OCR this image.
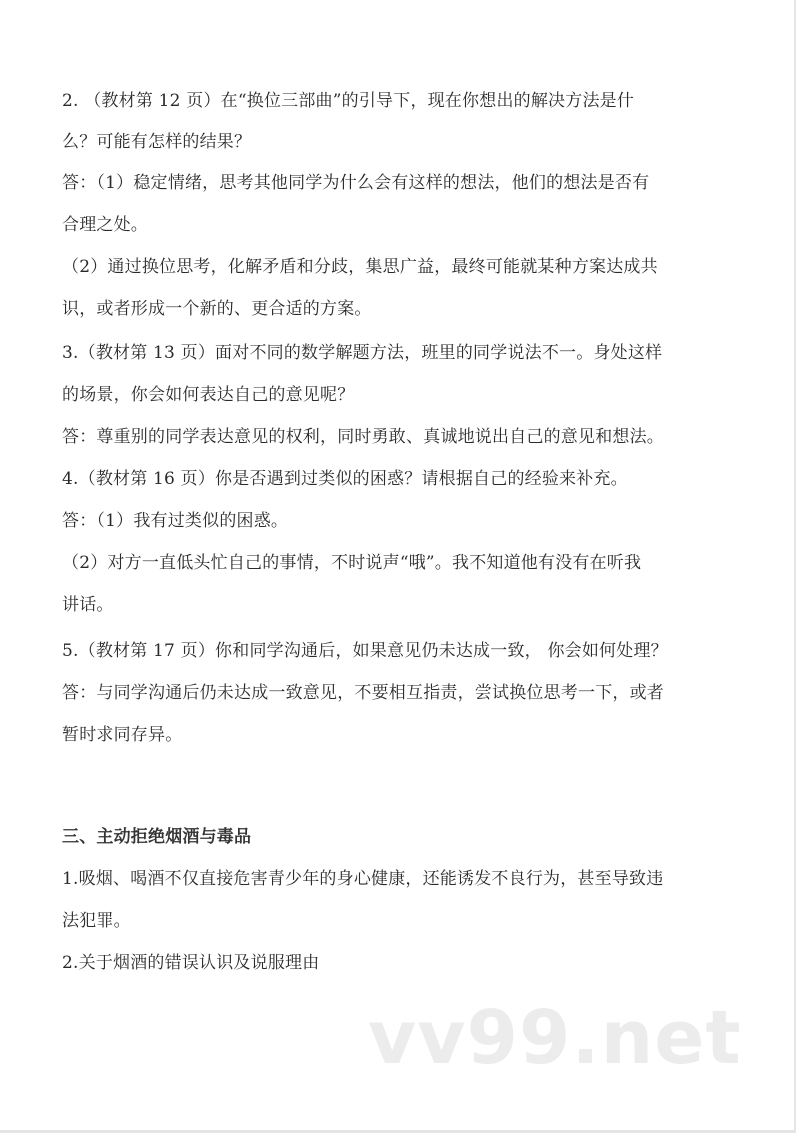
2. （教材第 12 页）在“换位三部曲”的引导下，现在你想出的解决方法是什
么？可能有怎样的结果？
答：（1）稳定情绪，思考其他同学为什么会有这样的想法，他们的想法是否有
合理之处。
（2）通过换位思考，化解矛盾和分歧，集思广益，最终可能就某种方案达成共
识，或者形成一个新的、更合适的方案。
3.（教材第 13 页）面对不同的数学解题方法，班里的同学说法不一。身处这样
的场景，你会如何表达自己的意见呢？
答：尊重别的同学表达意见的权利，同时勇敢、真诚地说出自己的意见和想法。
4.（教材第 16 页）你是否遇到过类似的困惑？请根据自己的经验来补充。
答：（1）我有过类似的困惑。
（2）对方一直低头忙自己的事情，不时说声“哦”。我不知道他有没有在听我
讲话。
5.（教材第 17 页）你和同学沟通后，如果意见仍未达成一致， 你会如何处理？
答：与同学沟通后仍未达成一致意见，不要相互指责，尝试换位思考一下，或者
暂时求同存异。
三、主动拒绝烟酒与毒品
1.吸烟、喝酒不仅直接危害青少年的身心健康，还能诱发不良行为，甚至导致违
法犯罪。
2.关于烟酒的错误认识及说服理由
vv99.net
